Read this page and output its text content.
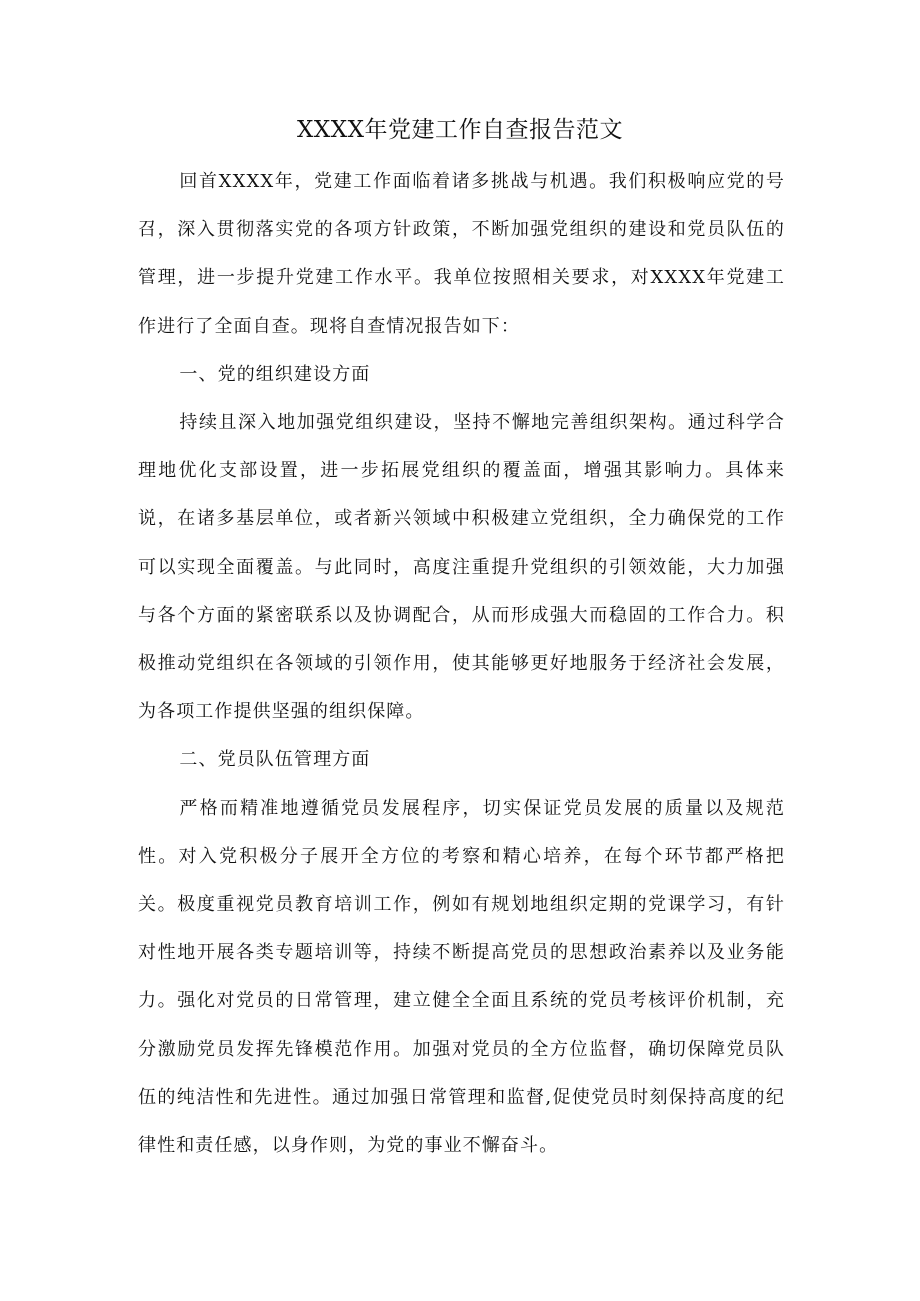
XXXX年党建工作自查报告范文

回首XXXX年，党建工作面临着诸多挑战与机遇。我们积极响应党的号召，深入贯彻落实党的各项方针政策，不断加强党组织的建设和党员队伍的管理，进一步提升党建工作水平。我单位按照相关要求，对XXXX年党建工作进行了全面自查。现将自查情况报告如下：

一、党的组织建设方面

持续且深入地加强党组织建设，坚持不懈地完善组织架构。通过科学合理地优化支部设置，进一步拓展党组织的覆盖面，增强其影响力。具体来说，在诸多基层单位，或者新兴领域中积极建立党组织，全力确保党的工作可以实现全面覆盖。与此同时，高度注重提升党组织的引领效能，大力加强与各个方面的紧密联系以及协调配合，从而形成强大而稳固的工作合力。积极推动党组织在各领域的引领作用，使其能够更好地服务于经济社会发展，为各项工作提供坚强的组织保障。

二、党员队伍管理方面

严格而精准地遵循党员发展程序，切实保证党员发展的质量以及规范性。对入党积极分子展开全方位的考察和精心培养，在每个环节都严格把关。极度重视党员教育培训工作，例如有规划地组织定期的党课学习，有针对性地开展各类专题培训等，持续不断提高党员的思想政治素养以及业务能力。强化对党员的日常管理，建立健全全面且系统的党员考核评价机制，充分激励党员发挥先锋模范作用。加强对党员的全方位监督，确切保障党员队伍的纯洁性和先进性。通过加强日常管理和监督,促使党员时刻保持高度的纪律性和责任感，以身作则，为党的事业不懈奋斗。
